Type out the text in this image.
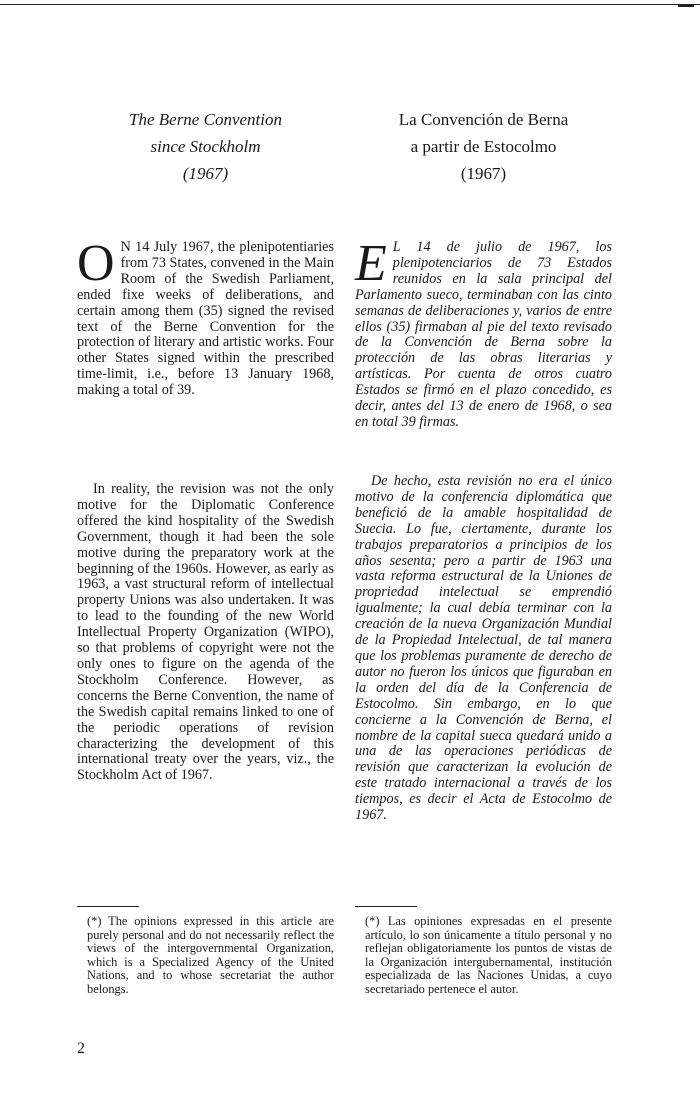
The Berne Convention
since Stockholm
(1967)
La Convención de Berna
a partir de Estocolmo
(1967)

O N 14 July 1967, the plenipotentiaries from 73 States, convened in the Main Room of the Swedish Parliament, ended fixe weeks of deliberations, and certain among them (35) signed the revised text of the Berne Convention for the protection of literary and artistic works. Four other States signed within the prescribed time-limit, i.e., before 13 January 1968, making a total of 39.

E L 14 de julio de 1967, los plenipotenciarios de 73 Estados reunidos en la sala principal del Parlamento sueco, terminaban con las cinto semanas de deliberaciones y, varios de entre ellos (35) firmaban al pie del texto revisado de la Convención de Berna sobre la protección de las obras literarias y artísticas. Por cuenta de otros cuatro Estados se firmó en el plazo concedido, es decir, antes del 13 de enero de 1968, o sea en total 39 firmas.

In reality, the revision was not the only motive for the Diplomatic Conference offered the kind hospitality of the Swedish Government, though it had been the sole motive during the preparatory work at the beginning of the 1960s. However, as early as 1963, a vast structural reform of intellectual property Unions was also undertaken. It was to lead to the founding of the new World Intellectual Property Organization (WIPO), so that problems of copyright were not the only ones to figure on the agenda of the Stockholm Conference. However, as concerns the Berne Convention, the name of the Swedish capital remains linked to one of the periodic operations of revision characterizing the development of this international treaty over the years, viz., the Stockholm Act of 1967.

De hecho, esta revisión no era el único motivo de la conferencia diplomática que benefició de la amable hospitalidad de Suecia. Lo fue, ciertamente, durante los trabajos preparatorios a principios de los años sesenta; pero a partir de 1963 una vasta reforma estructural de la Uniones de propriedad intelectual se emprendió igualmente; la cual debía terminar con la creación de la nueva Organización Mundial de la Propiedad Intelectual, de tal manera que los problemas puramente de derecho de autor no fueron los únicos que figuraban en la orden del día de la Conferencia de Estocolmo. Sin embargo, en lo que concierne a la Convención de Berna, el nombre de la capital sueca quedará unido a una de las operaciones periódicas de revisión que caracterizan la evolución de este tratado internacional a través de los tiempos, es decir el Acta de Estocolmo de 1967.

(*) The opinions expressed in this article are purely personal and do not necessarily reflect the views of the intergovernmental Organization, which is a Specialized Agency of the United Nations, and to whose secretariat the author belongs.
(*) Las opiniones expresadas en el presente artículo, lo son únicamente a título personal y no reflejan obligatoriamente los puntos de vistas de la Organización intergubernamental, institución especializada de las Naciones Unidas, a cuyo secretariado pertenece el autor.
2
